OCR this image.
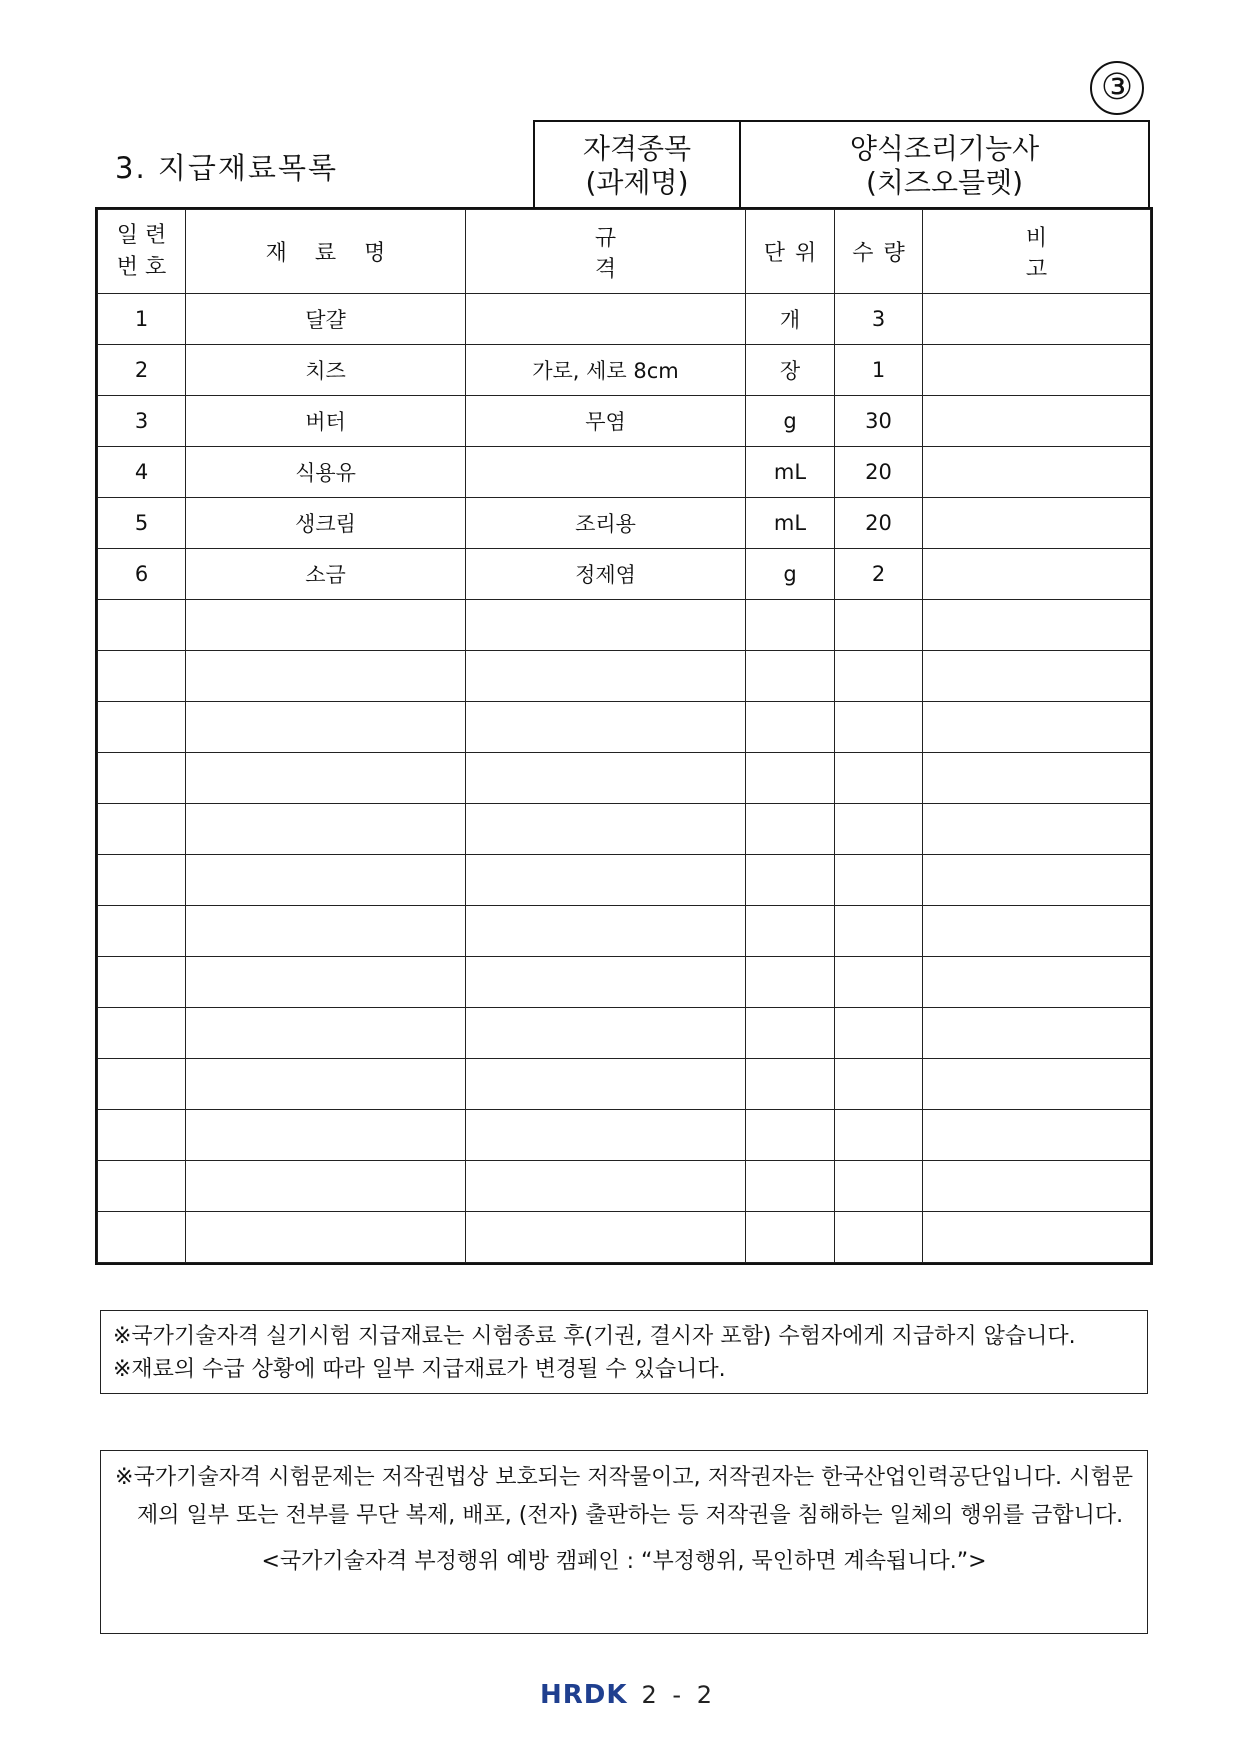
③
3. 지급재료목록
자격종목
(과제명)
양식조리기능사
(치즈오믈렛)
일 련
번 호	재료명	규격	단위	수량	비고
1	달걀		개	3	
2	치즈	가로, 세로 8cm	장	1	
3	버터	무염	g	30	
4	식용유		mL	20	
5	생크림	조리용	mL	20	
6	소금	정제염	g	2	

※국가기술자격 실기시험 지급재료는 시험종료 후(기권, 결시자 포함) 수험자에게 지급하지 않습니다.
※재료의 수급 상황에 따라 일부 지급재료가 변경될 수 있습니다.
※국가기술자격 시험문제는 저작권법상 보호되는 저작물이고, 저작권자는 한국산업인력공단입니다. 시험문제의 일부 또는 전부를 무단 복제, 배포, (전자) 출판하는 등 저작권을 침해하는 일체의 행위를 금합니다.
<국가기술자격 부정행위 예방 캠페인 : “부정행위, 묵인하면 계속됩니다.”>
HRDK 2 - 2
